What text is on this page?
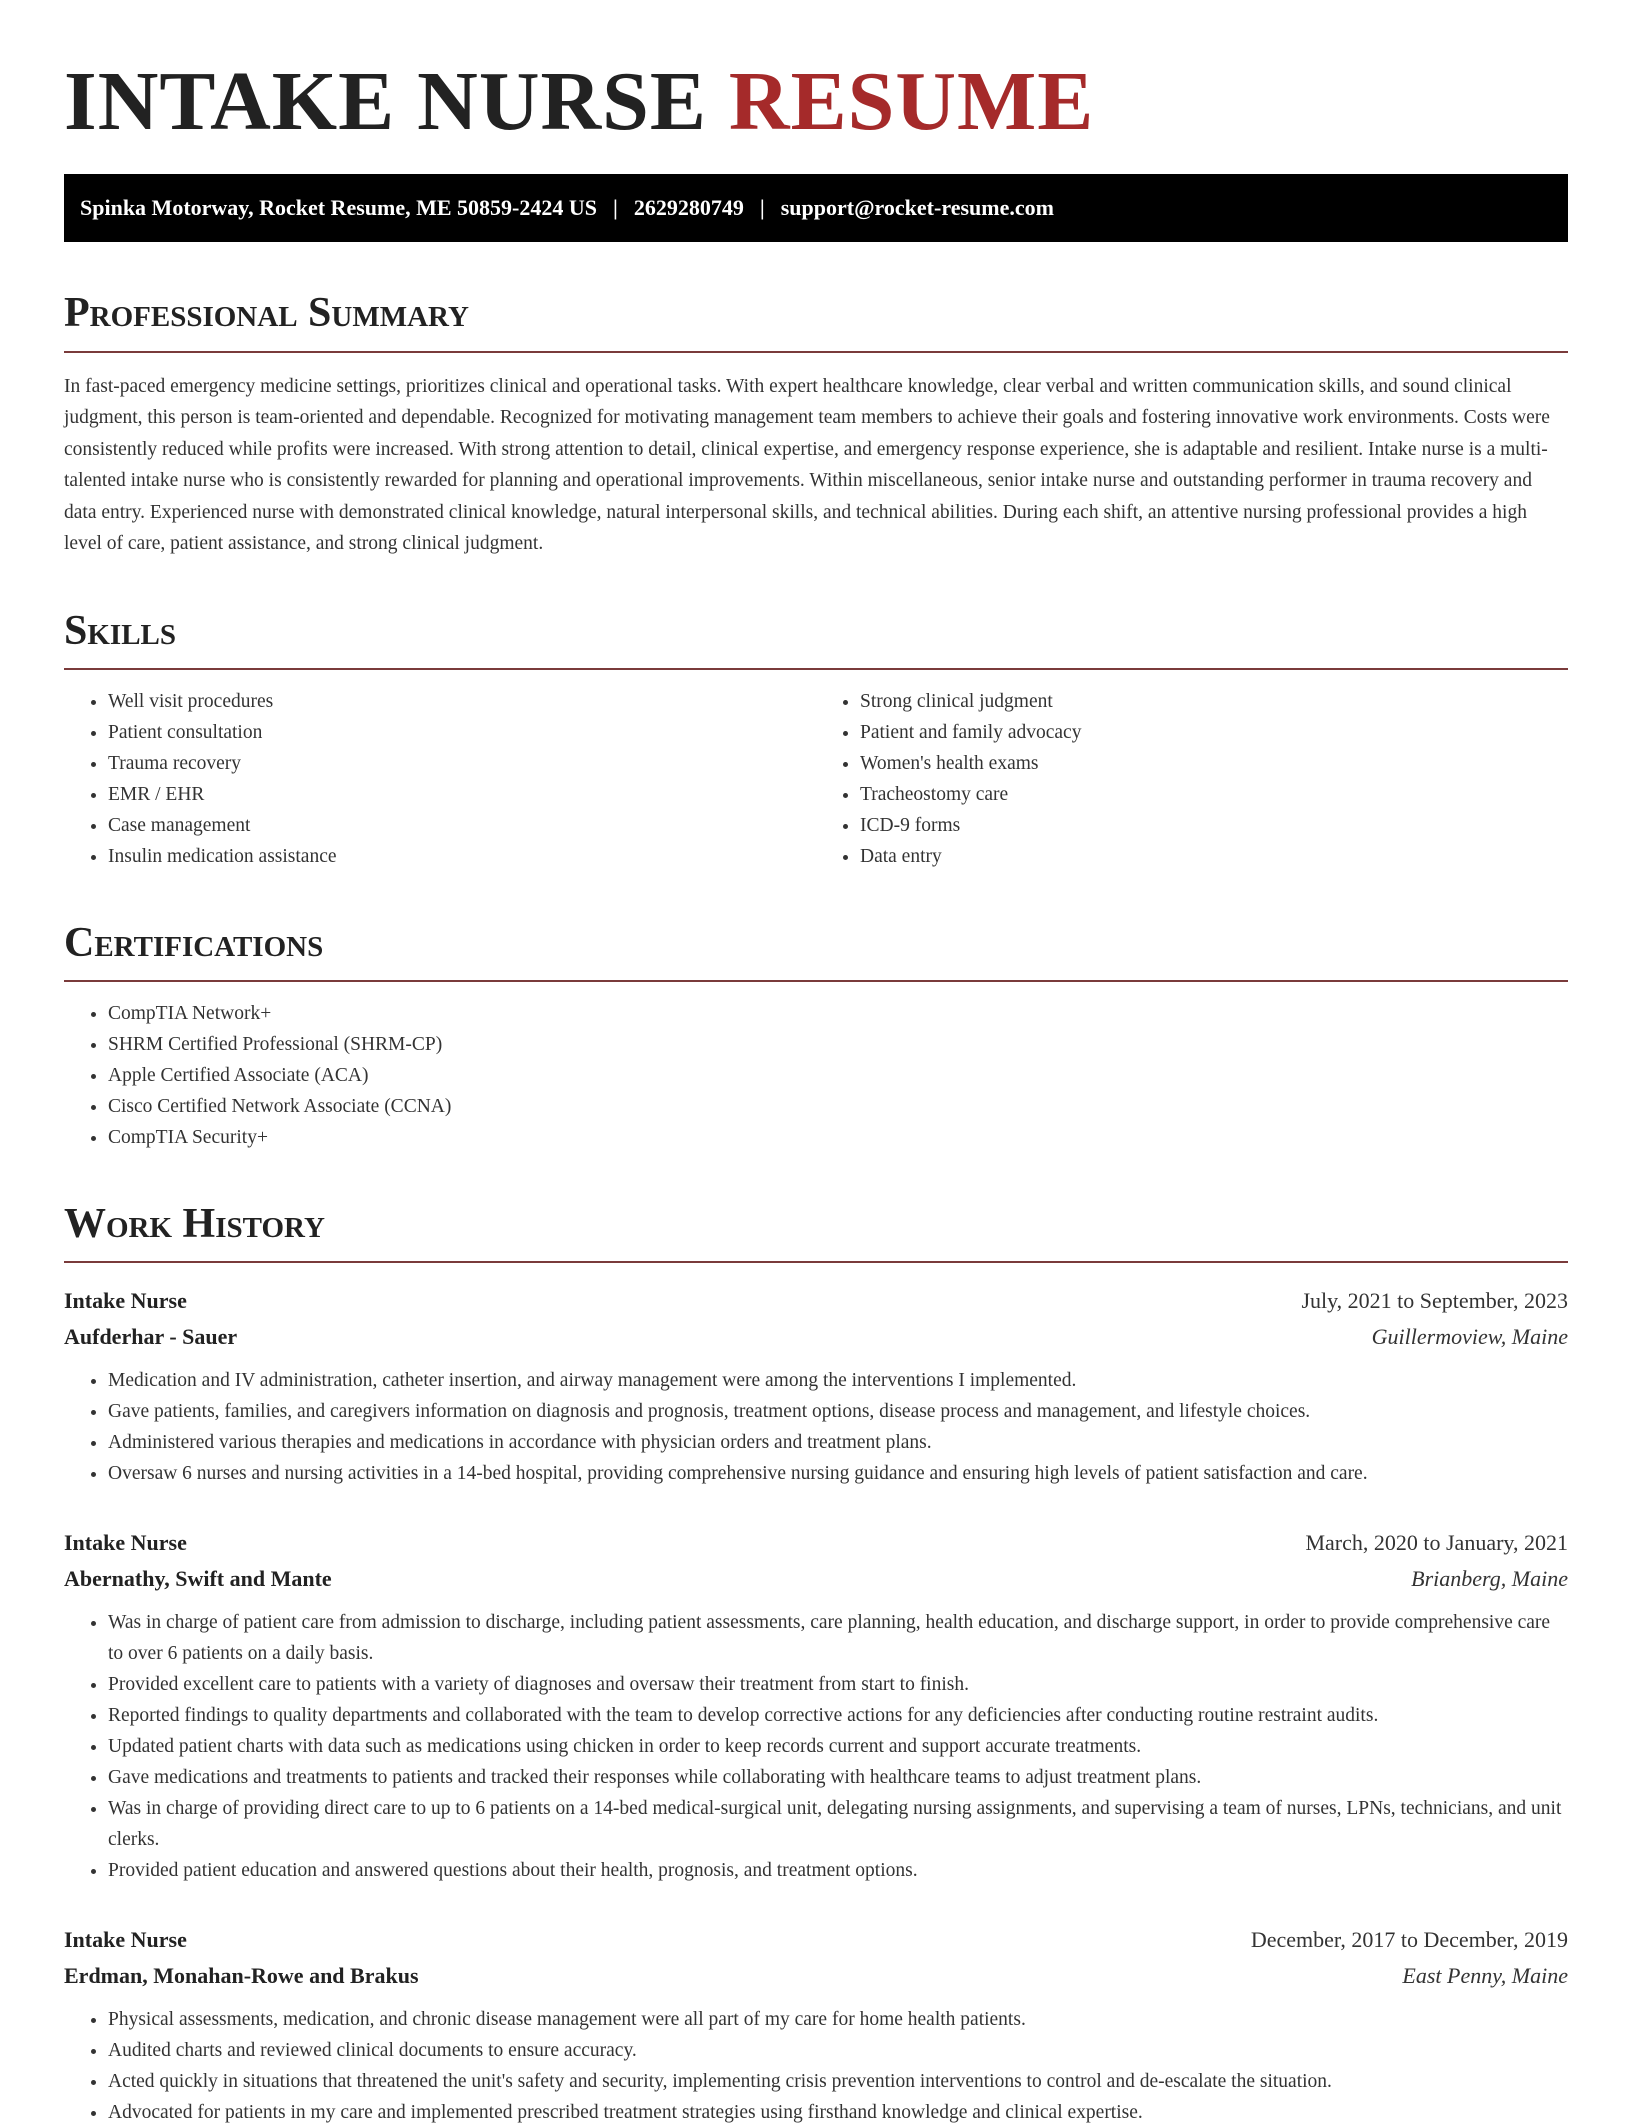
INTAKE NURSE RESUME
Spinka Motorway, Rocket Resume, ME 50859-2424 US | 2629280749 | support@rocket-resume.com
Professional Summary

In fast-paced emergency medicine settings, prioritizes clinical and operational tasks. With expert healthcare knowledge, clear verbal and written communication skills, and sound clinical judgment, this person is team-oriented and dependable. Recognized for motivating management team members to achieve their goals and fostering innovative work environments. Costs were consistently reduced while profits were increased. With strong attention to detail, clinical expertise, and emergency response experience, she is adaptable and resilient. Intake nurse is a multi-talented intake nurse who is consistently rewarded for planning and operational improvements. Within miscellaneous, senior intake nurse and outstanding performer in trauma recovery and data entry. Experienced nurse with demonstrated clinical knowledge, natural interpersonal skills, and technical abilities. During each shift, an attentive nursing professional provides a high level of care, patient assistance, and strong clinical judgment.

Skills
• Well visit procedures
• Patient consultation
• Trauma recovery
• EMR / EHR
• Case management
• Insulin medication assistance
• Strong clinical judgment
• Patient and family advocacy
• Women's health exams
• Tracheostomy care
• ICD-9 forms
• Data entry
Certifications
• CompTIA Network+
• SHRM Certified Professional (SHRM-CP)
• Apple Certified Associate (ACA)
• Cisco Certified Network Associate (CCNA)
• CompTIA Security+
Work History
Intake Nurse	July, 2021 to September, 2023
Aufderhar - Sauer	Guillermoview, Maine
• Medication and IV administration, catheter insertion, and airway management were among the interventions I implemented.
• Gave patients, families, and caregivers information on diagnosis and prognosis, treatment options, disease process and management, and lifestyle choices.
• Administered various therapies and medications in accordance with physician orders and treatment plans.
• Oversaw 6 nurses and nursing activities in a 14-bed hospital, providing comprehensive nursing guidance and ensuring high levels of patient satisfaction and care.
Intake Nurse	March, 2020 to January, 2021
Abernathy, Swift and Mante	Brianberg, Maine
• Was in charge of patient care from admission to discharge, including patient assessments, care planning, health education, and discharge support, in order to provide comprehensive care to over 6 patients on a daily basis.
• Provided excellent care to patients with a variety of diagnoses and oversaw their treatment from start to finish.
• Reported findings to quality departments and collaborated with the team to develop corrective actions for any deficiencies after conducting routine restraint audits.
• Updated patient charts with data such as medications using chicken in order to keep records current and support accurate treatments.
• Gave medications and treatments to patients and tracked their responses while collaborating with healthcare teams to adjust treatment plans.
• Was in charge of providing direct care to up to 6 patients on a 14-bed medical-surgical unit, delegating nursing assignments, and supervising a team of nurses, LPNs, technicians, and unit clerks.
• Provided patient education and answered questions about their health, prognosis, and treatment options.
Intake Nurse	December, 2017 to December, 2019
Erdman, Monahan-Rowe and Brakus	East Penny, Maine
• Physical assessments, medication, and chronic disease management were all part of my care for home health patients.
• Audited charts and reviewed clinical documents to ensure accuracy.
• Acted quickly in situations that threatened the unit's safety and security, implementing crisis prevention interventions to control and de-escalate the situation.
• Advocated for patients in my care and implemented prescribed treatment strategies using firsthand knowledge and clinical expertise.
